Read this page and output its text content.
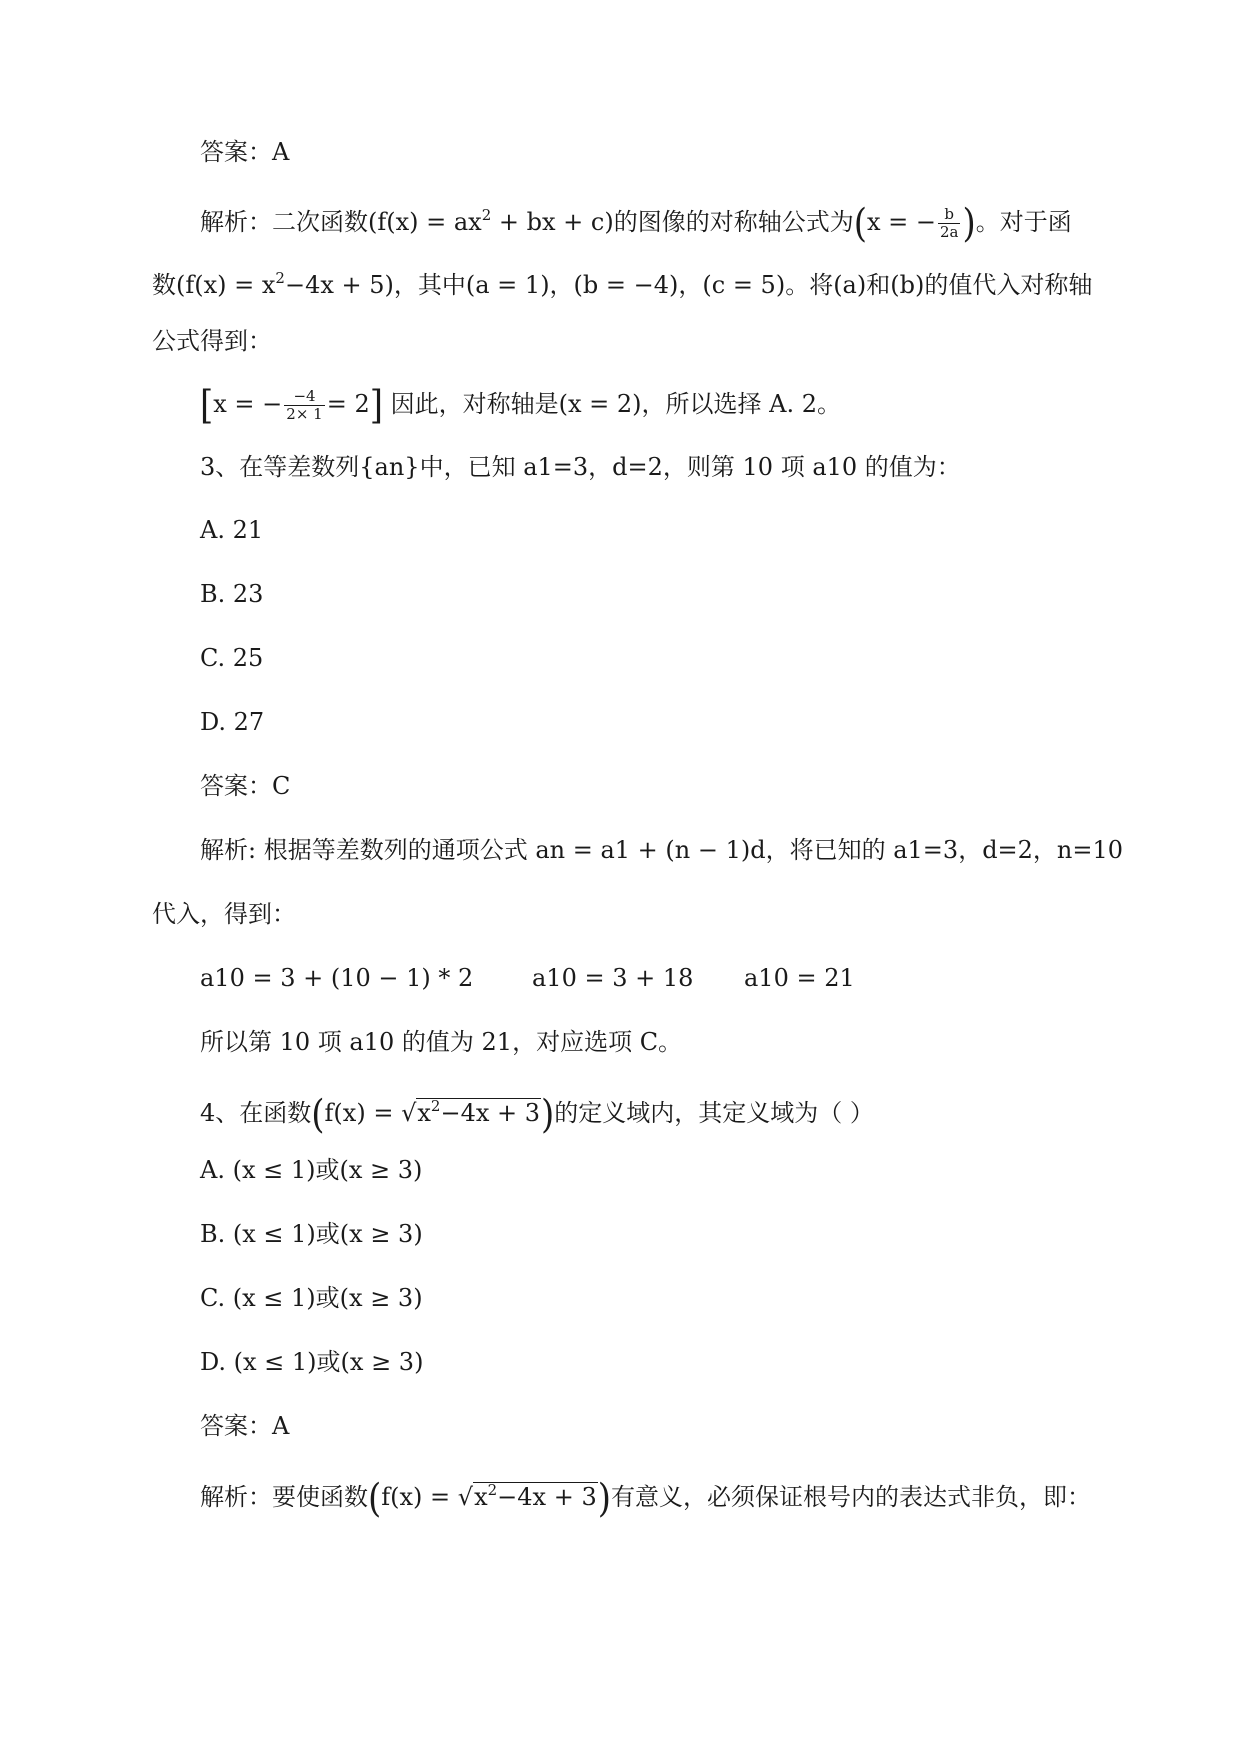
答案：A
解析：二次函数($f(x) = ax^2$ + bx + c)的图像的对称轴公式为(x = − $\frac{b}{2a}$ )。对于函
数$(f(x) = x^2-4x + 5)$，其中(a = 1)，(b = −4)，(c = 5)。将(a)和(b)的值代入对称轴
公式得到：
[x = − $\frac{-4}{2\times 1} = 2$] 因此，对称轴是(x = 2)，所以选择 A. 2。
3、在等差数列{an}中，已知 a1=3，d=2，则第 10 项 a10 的值为：
A. 21
B. 23
C. 25
D. 27
答案：C
解析: 根据等差数列的通项公式 an = a1 + (n − 1)d，将已知的 a1=3，d=2，n=10
代入，得到：
a10 = 3 + (10 − 1) * 2 a10 = 3 + 18 a10 = 21
所以第 10 项 a10 的值为 21，对应选项 C。
4、在函数$(f(x) = √x^2-4x + 3)$的定义域内，其定义域为（ ）
A. (x ≤ 1)或(x ≥ 3)
B. (x ≤ 1)或(x ≥ 3)
C. (x ≤ 1)或(x ≥ 3)
D. (x ≤ 1)或(x ≥ 3)
答案：A
解析：要使函数$(f(x) = √x^2-4x + 3)$有意义，必须保证根号内的表达式非负，即：
